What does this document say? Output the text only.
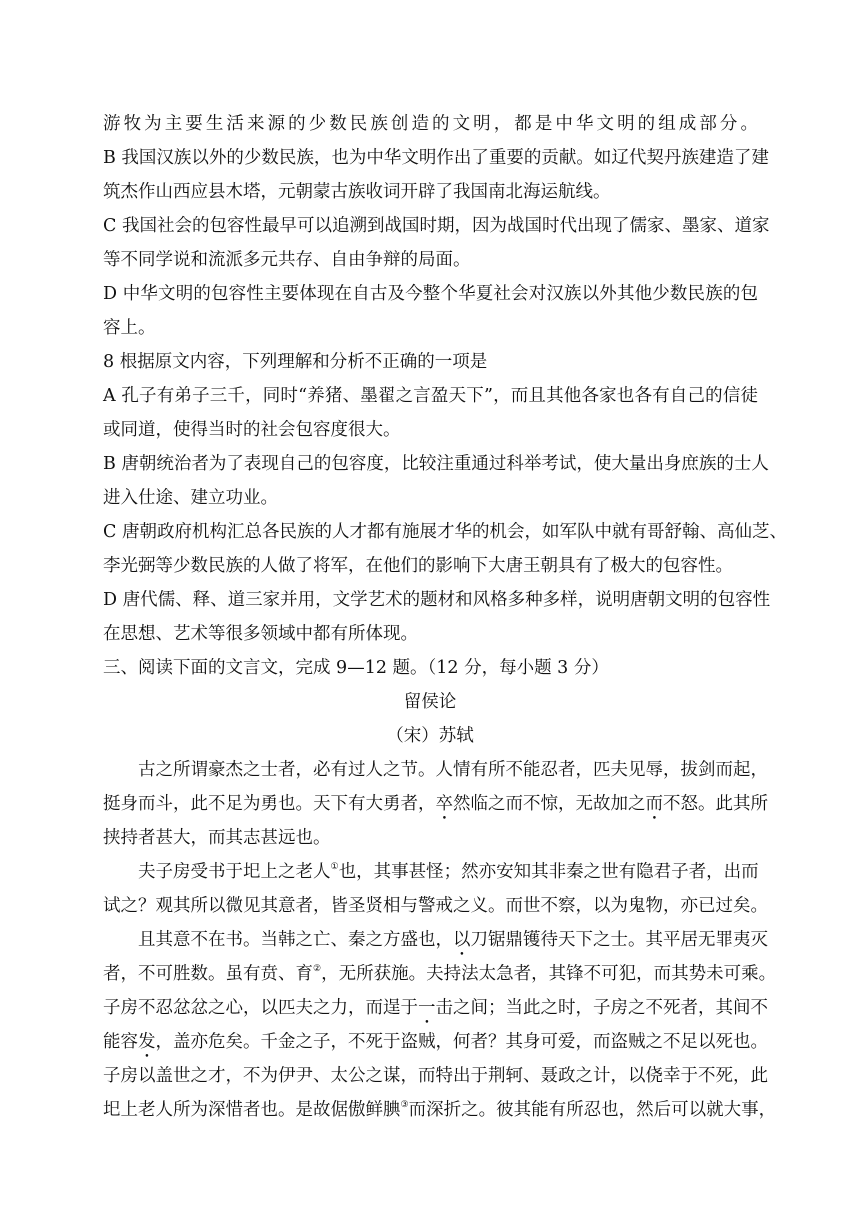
游牧为主要生活来源的少数民族创造的文明，都是中华文明的组成部分。
B 我国汉族以外的少数民族，也为中华文明作出了重要的贡献。如辽代契丹族建造了建
筑杰作山西应县木塔，元朝蒙古族收词开辟了我国南北海运航线。
C 我国社会的包容性最早可以追溯到战国时期，因为战国时代出现了儒家、墨家、道家
等不同学说和流派多元共存、自由争辩的局面。
D 中华文明的包容性主要体现在自古及今整个华夏社会对汉族以外其他少数民族的包
容上。
8 根据原文内容，下列理解和分析不正确的一项是
A 孔子有弟子三千，同时“养猪、墨翟之言盈天下”，而且其他各家也各有自己的信徒
或同道，使得当时的社会包容度很大。
B 唐朝统治者为了表现自己的包容度，比较注重通过科举考试，使大量出身庶族的士人
进入仕途、建立功业。
C 唐朝政府机构汇总各民族的人才都有施展才华的机会，如军队中就有哥舒翰、高仙芝、
李光弼等少数民族的人做了将军，在他们的影响下大唐王朝具有了极大的包容性。
D 唐代儒、释、道三家并用，文学艺术的题材和风格多种多样，说明唐朝文明的包容性
在思想、艺术等很多领域中都有所体现。
三、阅读下面的文言文，完成 9—12 题。（12 分，每小题 3 分）
留侯论
（宋）苏轼
古之所谓豪杰之士者，必有过人之节。人情有所不能忍者，匹夫见辱，拔剑而起，
挺身而斗，此不足为勇也。天下有大勇者，卒然临之而不惊，无故加之而不怒。此其所
挟持者甚大，而其志甚远也。
夫子房受书于圯上之老人①也，其事甚怪；然亦安知其非秦之世有隐君子者，出而
试之？观其所以微见其意者，皆圣贤相与警戒之义。而世不察，以为鬼物，亦已过矣。
且其意不在书。当韩之亡、秦之方盛也，以刀锯鼎镬待天下之士。其平居无罪夷灭
者，不可胜数。虽有贲、育②，无所获施。夫持法太急者，其锋不可犯，而其势未可乘。
子房不忍忿忿之心，以匹夫之力，而逞于一击之间；当此之时，子房之不死者，其间不
能容发，盖亦危矣。千金之子，不死于盗贼，何者？其身可爱，而盗贼之不足以死也。
子房以盖世之才，不为伊尹、太公之谋，而特出于荆轲、聂政之计，以侥幸于不死，此
圯上老人所为深惜者也。是故倨傲鲜腆③而深折之。彼其能有所忍也，然后可以就大事，
